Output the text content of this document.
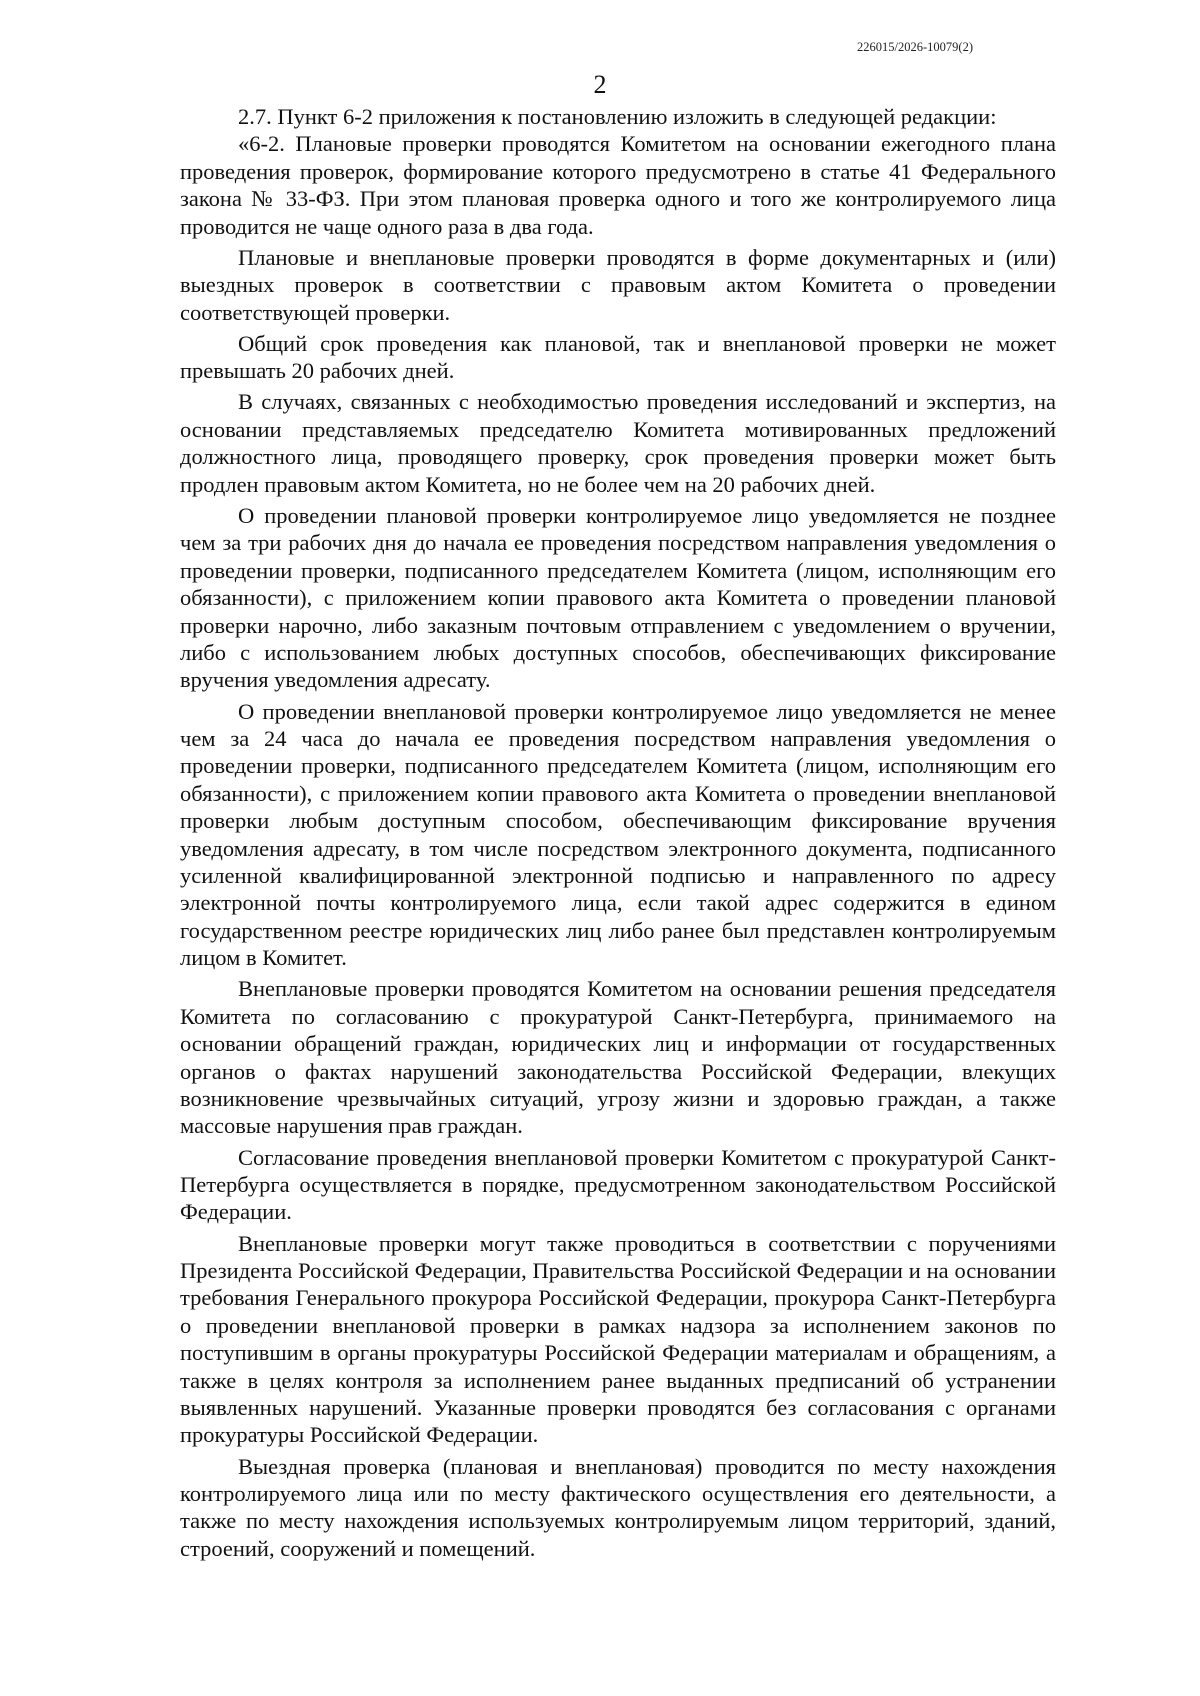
226015/2026-10079(2)
2

2.7. Пункт 6-2 приложения к постановлению изложить в следующей редакции:

«6-2. Плановые проверки проводятся Комитетом на основании ежегодного плана проведения проверок, формирование которого предусмотрено в статье 41 Федерального закона № 33-ФЗ. При этом плановая проверка одного и того же контролируемого лица проводится не чаще одного раза в два года.

Плановые и внеплановые проверки проводятся в форме документарных и (или) выездных проверок в соответствии с правовым актом Комитета о проведении соответствующей проверки.

Общий срок проведения как плановой, так и внеплановой проверки не может превышать 20 рабочих дней.

В случаях, связанных с необходимостью проведения исследований и экспертиз, на основании представляемых председателю Комитета мотивированных предложений должностного лица, проводящего проверку, срок проведения проверки может быть продлен правовым актом Комитета, но не более чем на 20 рабочих дней.

О проведении плановой проверки контролируемое лицо уведомляется не позднее чем за три рабочих дня до начала ее проведения посредством направления уведомления о проведении проверки, подписанного председателем Комитета (лицом, исполняющим его обязанности), с приложением копии правового акта Комитета о проведении плановой проверки нарочно, либо заказным почтовым отправлением с уведомлением о вручении, либо с использованием любых доступных способов, обеспечивающих фиксирование вручения уведомления адресату.

О проведении внеплановой проверки контролируемое лицо уведомляется не менее чем за 24 часа до начала ее проведения посредством направления уведомления о проведении проверки, подписанного председателем Комитета (лицом, исполняющим его обязанности), с приложением копии правового акта Комитета о проведении внеплановой проверки любым доступным способом, обеспечивающим фиксирование вручения уведомления адресату, в том числе посредством электронного документа, подписанного усиленной квалифицированной электронной подписью и направленного по адресу электронной почты контролируемого лица, если такой адрес содержится в едином государственном реестре юридических лиц либо ранее был представлен контролируемым лицом в Комитет.

Внеплановые проверки проводятся Комитетом на основании решения председателя Комитета по согласованию с прокуратурой Санкт-Петербурга, принимаемого на основании обращений граждан, юридических лиц и информации от государственных органов о фактах нарушений законодательства Российской Федерации, влекущих возникновение чрезвычайных ситуаций, угрозу жизни и здоровью граждан, а также массовые нарушения прав граждан.

Согласование проведения внеплановой проверки Комитетом с прокуратурой Санкт-Петербурга осуществляется в порядке, предусмотренном законодательством Российской Федерации.

Внеплановые проверки могут также проводиться в соответствии с поручениями Президента Российской Федерации, Правительства Российской Федерации и на основании требования Генерального прокурора Российской Федерации, прокурора Санкт-Петербурга о проведении внеплановой проверки в рамках надзора за исполнением законов по поступившим в органы прокуратуры Российской Федерации материалам и обращениям, а также в целях контроля за исполнением ранее выданных предписаний об устранении выявленных нарушений. Указанные проверки проводятся без согласования с органами прокуратуры Российской Федерации.

Выездная проверка (плановая и внеплановая) проводится по месту нахождения контролируемого лица или по месту фактического осуществления его деятельности, а также по месту нахождения используемых контролируемым лицом территорий, зданий, строений, сооружений и помещений.
